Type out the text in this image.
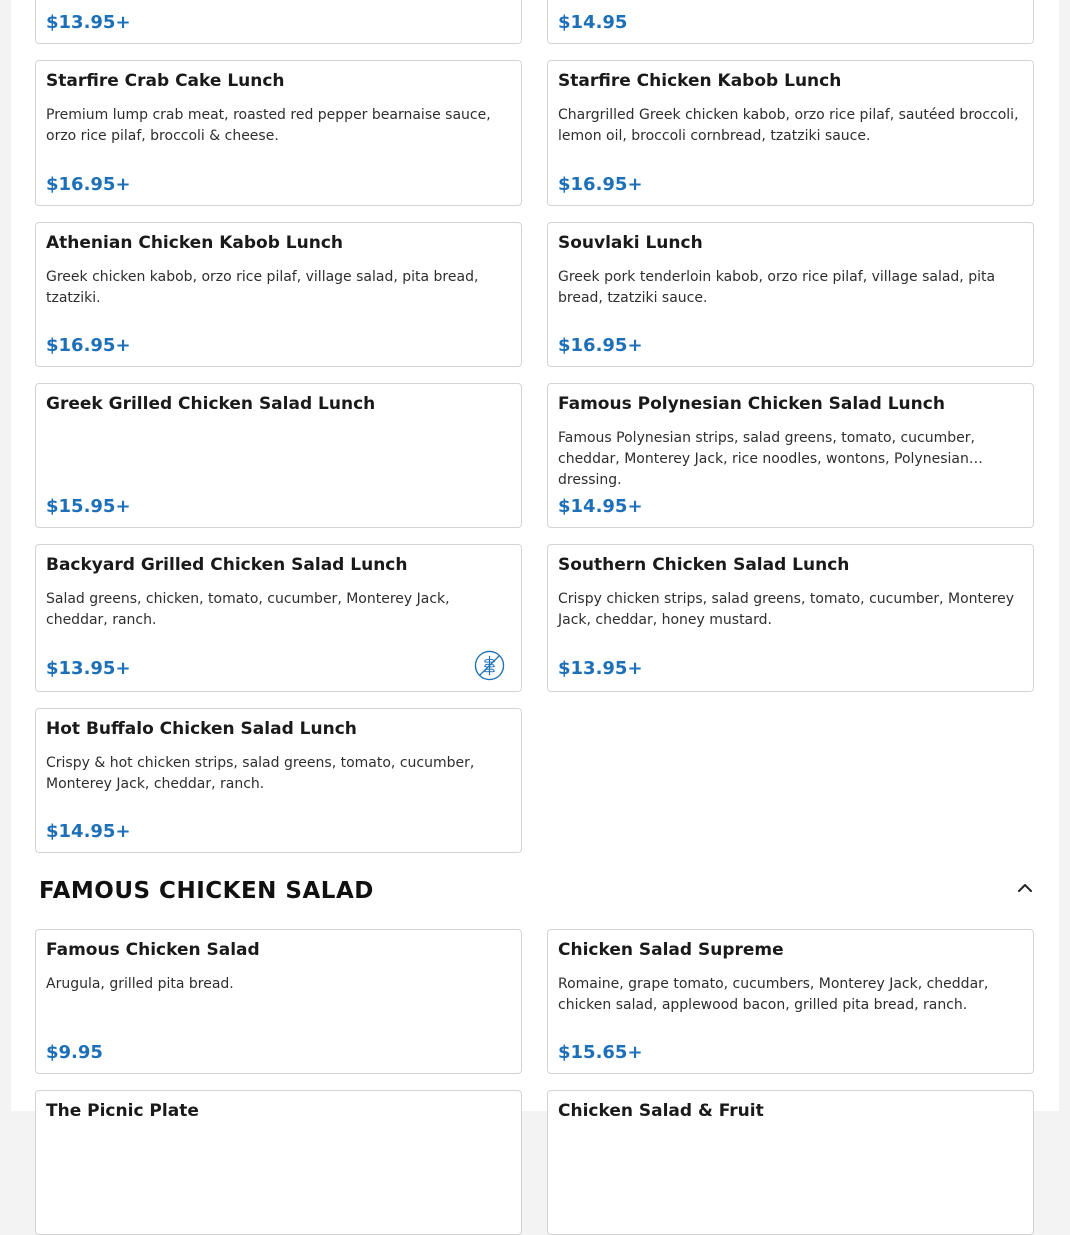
$13.95+	$14.95
Starfire Crab Cake Lunch
Premium lump crab meat, roasted red pepper bearnaise sauce, orzo rice pilaf, broccoli & cheese.
$16.95+
Starfire Chicken Kabob Lunch
Chargrilled Greek chicken kabob, orzo rice pilaf, sautéed broccoli, lemon oil, broccoli cornbread, tzatziki sauce.
$16.95+
Athenian Chicken Kabob Lunch
Greek chicken kabob, orzo rice pilaf, village salad, pita bread, tzatziki.
$16.95+
Souvlaki Lunch
Greek pork tenderloin kabob, orzo rice pilaf, village salad, pita bread, tzatziki sauce.
$16.95+
Greek Grilled Chicken Salad Lunch
$15.95+
Famous Polynesian Chicken Salad Lunch
Famous Polynesian strips, salad greens, tomato, cucumber, cheddar, Monterey Jack, rice noodles, wontons, Polynesian dressing.
$14.95+
Backyard Grilled Chicken Salad Lunch
Salad greens, chicken, tomato, cucumber, Monterey Jack, cheddar, ranch.
$13.95+
Southern Chicken Salad Lunch
Crispy chicken strips, salad greens, tomato, cucumber, Monterey Jack, cheddar, honey mustard.
$13.95+
Hot Buffalo Chicken Salad Lunch
Crispy & hot chicken strips, salad greens, tomato, cucumber, Monterey Jack, cheddar, ranch.
$14.95+
FAMOUS CHICKEN SALAD
Famous Chicken Salad
Arugula, grilled pita bread.
$9.95
Chicken Salad Supreme
Romaine, grape tomato, cucumbers, Monterey Jack, cheddar, chicken salad, applewood bacon, grilled pita bread, ranch.
$15.65+
The Picnic Plate	Chicken Salad & Fruit
